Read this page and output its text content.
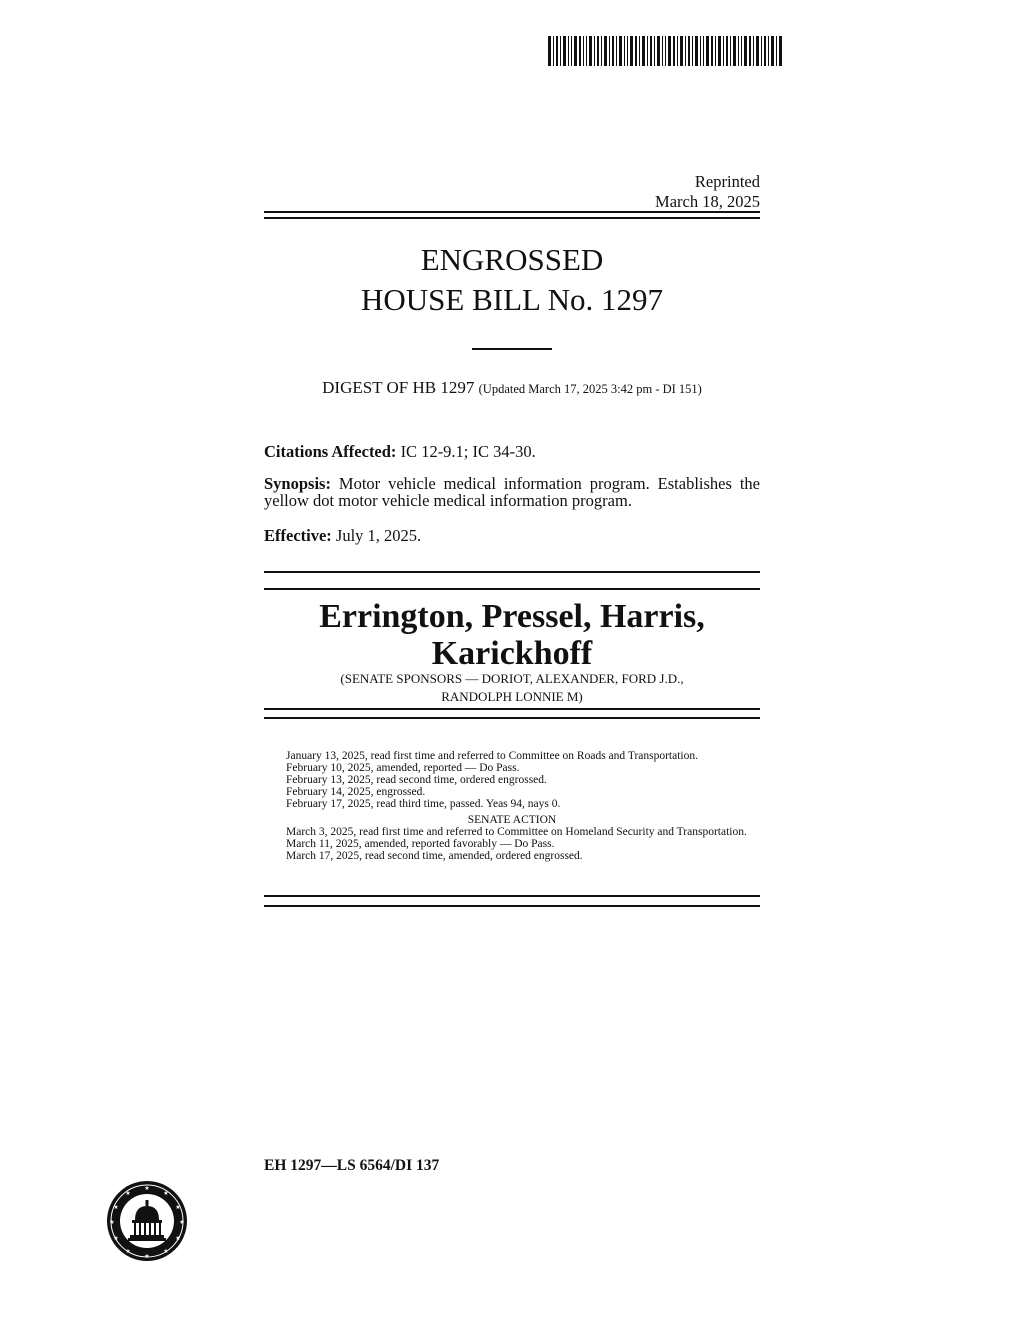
Reprinted
March 18, 2025
ENGROSSED
HOUSE BILL No. 1297
DIGEST OF HB 1297 (Updated March 17, 2025 3:42 pm - DI 151)
Citations Affected: IC 12-9.1; IC 34-30.
Synopsis: Motor vehicle medical information program. Establishes the yellow dot motor vehicle medical information program.
Effective: July 1, 2025.
Errington, Pressel, Harris,
Karickhoff
(SENATE SPONSORS — DORIOT, ALEXANDER, FORD J.D.,
RANDOLPH LONNIE M)
January 13, 2025, read first time and referred to Committee on Roads and Transportation.
February 10, 2025, amended, reported — Do Pass.
February 13, 2025, read second time, ordered engrossed.
February 14, 2025, engrossed.
February 17, 2025, read third time, passed. Yeas 94, nays 0.
SENATE ACTION
March 3, 2025, read first time and referred to Committee on Homeland Security and Transportation.
March 11, 2025, amended, reported favorably — Do Pass.
March 17, 2025, read second time, amended, ordered engrossed.
EH 1297—LS 6564/DI 137
★
★
★
★
★
★
★
★
★
★
★
★
